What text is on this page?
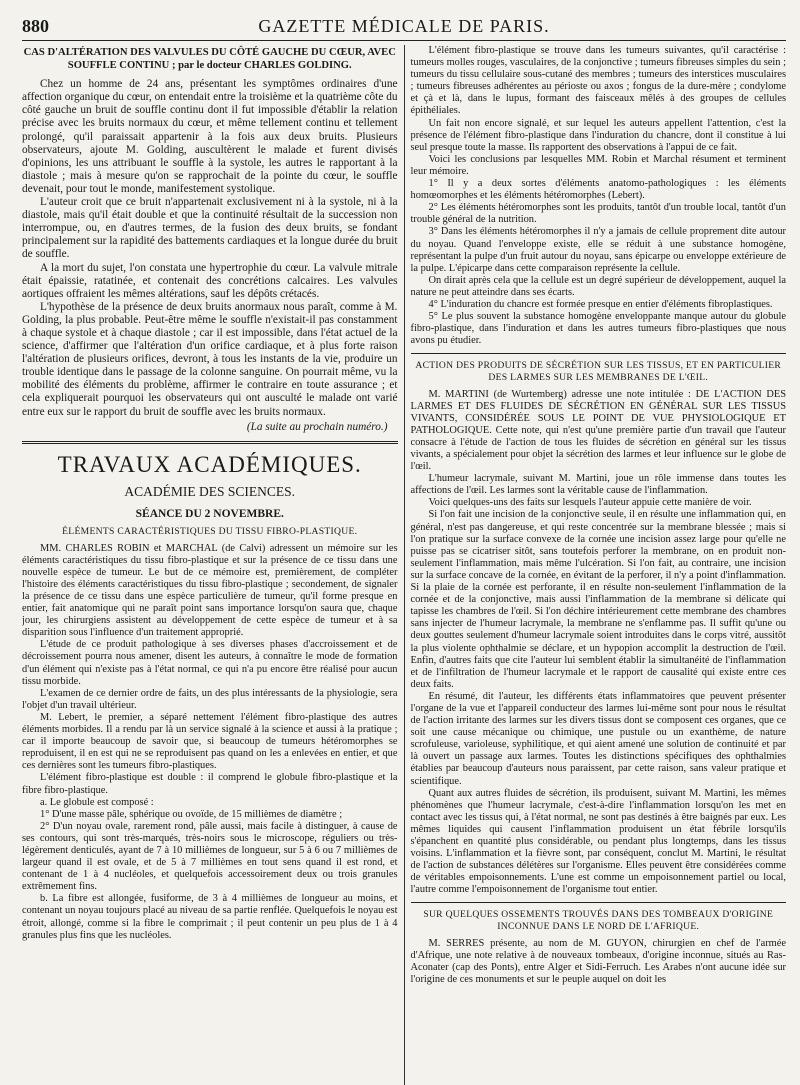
880	GAZETTE MÉDICALE DE PARIS.
CAS D'ALTÉRATION DES VALVULES DU CÔTÉ GAUCHE DU CŒUR, AVEC SOUFFLE CONTINU ; par le docteur CHARLES GOLDING.

Chez un homme de 24 ans, présentant les symptômes ordinaires d'une affection organique du cœur, on entendait entre la troisième et la quatrième côte du côté gauche un bruit de souffle continu dont il fut impossible d'établir la relation précise avec les bruits normaux du cœur, et même tellement continu et tellement prolongé, qu'il paraissait appartenir à la fois aux deux bruits. Plusieurs observateurs, ajoute M. Golding, auscultèrent le malade et furent divisés d'opinions, les uns attribuant le souffle à la systole, les autres le rapportant à la diastole ; mais à mesure qu'on se rapprochait de la pointe du cœur, le souffle devenait, pour tout le monde, manifestement systolique.

L'auteur croit que ce bruit n'appartenait exclusivement ni à la systole, ni à la diastole, mais qu'il était double et que la continuité résultait de la succession non interrompue, ou, en d'autres termes, de la fusion des deux bruits, se fondant principalement sur la rapidité des battements cardiaques et la longue durée du bruit de souffle.

A la mort du sujet, l'on constata une hypertrophie du cœur. La valvule mitrale était épaissie, ratatinée, et contenait des concrétions calcaires. Les valvules aortiques offraient les mêmes altérations, sauf les dépôts crétacés.

L'hypothèse de la présence de deux bruits anormaux nous paraît, comme à M. Golding, la plus probable. Peut-être même le souffle n'existait-il pas constamment à chaque systole et à chaque diastole ; car il est impossible, dans l'état actuel de la science, d'affirmer que l'altération d'un orifice cardiaque, et à plus forte raison l'altération de plusieurs orifices, devront, à tous les instants de la vie, produire un trouble identique dans le passage de la colonne sanguine. On pourrait même, vu la mobilité des éléments du problème, affirmer le contraire en toute assurance ; et cela expliquerait pourquoi les observateurs qui ont ausculté le malade ont varié entre eux sur le rapport du bruit de souffle avec les bruits normaux.

(La suite au prochain numéro.)
TRAVAUX ACADÉMIQUES.
ACADÉMIE DES SCIENCES.
SÉANCE DU 2 NOVEMBRE.
ÉLÉMENTS CARACTÉRISTIQUES DU TISSU FIBRO-PLASTIQUE.

MM. CHARLES ROBIN et MARCHAL (de Calvi) adressent un mémoire sur les éléments caractéristiques du tissu fibro-plastique et sur la présence de ce tissu dans une nouvelle espèce de tumeur. Le but de ce mémoire est, premièrement, de compléter l'histoire des éléments caractéristiques du tissu fibro-plastique ; secondement, de signaler la présence de ce tissu dans une espèce particulière de tumeur, qu'il forme presque en entier, fait anatomique qui ne paraît point sans importance lorsqu'on saura que, chaque jour, les chirurgiens assistent au développement de cette espèce de tumeur et à sa disparition sous l'influence d'un traitement approprié.

L'étude de ce produit pathologique à ses diverses phases d'accroissement et de décroissement pourra nous amener, disent les auteurs, à connaître le mode de formation d'un élément qui n'existe pas à l'état normal, ce qui n'a pu encore être réalisé pour aucun tissu morbide.

L'examen de ce dernier ordre de faits, un des plus intéressants de la physiologie, sera l'objet d'un travail ultérieur.

M. Lebert, le premier, a séparé nettement l'élément fibro-plastique des autres éléments morbides. Il a rendu par là un service signalé à la science et aussi à la pratique ; car il importe beaucoup de savoir que, si beaucoup de tumeurs hétéromorphes se reproduisent, il en est qui ne se reproduisent pas quand on les a enlevées en entier, et que ces dernières sont les tumeurs fibro-plastiques.

L'élément fibro-plastique est double : il comprend le globule fibro-plastique et la fibre fibro-plastique.

a. Le globule est composé :

1° D'une masse pâle, sphérique ou ovoïde, de 15 millièmes de diamètre ;

2° D'un noyau ovale, rarement rond, pâle aussi, mais facile à distinguer, à cause de ses contours, qui sont très-marqués, très-noirs sous le microscope, réguliers ou très-légèrement denticulés, ayant de 7 à 10 millièmes de longueur, sur 5 à 6 ou 7 millièmes de largeur quand il est ovale, et de 5 à 7 millièmes en tout sens quand il est rond, et contenant de 1 à 4 nucléoles, et quelquefois accessoirement deux ou trois granules extrêmement fins.

b. La fibre est allongée, fusiforme, de 3 à 4 millièmes de longueur au moins, et contenant un noyau toujours placé au niveau de sa partie renflée. Quelquefois le noyau est étroit, allongé, comme si la fibre le comprimait ; il peut contenir un peu plus de 1 à 4 granules plus fins que les nucléoles.

L'élément fibro-plastique se trouve dans les tumeurs suivantes, qu'il caractérise : tumeurs molles rouges, vasculaires, de la conjonctive ; tumeurs fibreuses simples du sein ; tumeurs du tissu cellulaire sous-cutané des membres ; tumeurs des interstices musculaires ; tumeurs fibreuses adhérentes au périoste ou axos ; fongus de la dure-mère ; condylome et çà et là, dans le lupus, formant des faisceaux mêlés à des groupes de cellules épithéliales.

Un fait non encore signalé, et sur lequel les auteurs appellent l'attention, c'est la présence de l'élément fibro-plastique dans l'induration du chancre, dont il constitue à lui seul presque toute la masse. Ils rapportent des observations à l'appui de ce fait.

Voici les conclusions par lesquelles MM. Robin et Marchal résument et terminent leur mémoire.

1° Il y a deux sortes d'éléments anatomo-pathologiques : les éléments homœomorphes et les éléments hétéromorphes (Lebert).

2° Les éléments hétéromorphes sont les produits, tantôt d'un trouble local, tantôt d'un trouble général de la nutrition.

3° Dans les éléments hétéromorphes il n'y a jamais de cellule proprement dite autour du noyau. Quand l'enveloppe existe, elle se réduit à une substance homogène, représentant la pulpe d'un fruit autour du noyau, sans épicarpe ou enveloppe extérieure de la pulpe. L'épicarpe dans cette comparaison représente la cellule.

On dirait après cela que la cellule est un degré supérieur de développement, auquel la nature ne peut atteindre dans ses écarts.

4° L'induration du chancre est formée presque en entier d'éléments fibroplastiques.

5° Le plus souvent la substance homogène enveloppante manque autour du globule fibro-plastique, dans l'induration et dans les autres tumeurs fibro-plastiques que nous avons pu étudier.

ACTION DES PRODUITS DE SÉCRÉTION SUR LES TISSUS, ET EN PARTICULIER DES LARMES SUR LES MEMBRANES DE L'ŒIL.

M. MARTINI (de Wurtemberg) adresse une note intitulée : DE L'ACTION DES LARMES ET DES FLUIDES DE SÉCRÉTION EN GÉNÉRAL SUR LES TISSUS VIVANTS, CONSIDÉRÉE SOUS LE POINT DE VUE PHYSIOLOGIQUE ET PATHOLOGIQUE. Cette note, qui n'est qu'une première partie d'un travail que l'auteur consacre à l'étude de l'action de tous les fluides de sécrétion en général sur les tissus vivants, a spécialement pour objet la sécrétion des larmes et leur influence sur le globe de l'œil.

L'humeur lacrymale, suivant M. Martini, joue un rôle immense dans toutes les affections de l'œil. Les larmes sont la véritable cause de l'inflammation.

Voici quelques-uns des faits sur lesquels l'auteur appuie cette manière de voir.

Si l'on fait une incision de la conjonctive seule, il en résulte une inflammation qui, en général, n'est pas dangereuse, et qui reste concentrée sur la membrane blessée ; mais si l'on pratique sur la surface convexe de la cornée une incision assez large pour qu'elle ne puisse pas se cicatriser sitôt, sans toutefois perforer la membrane, on en produit non-seulement l'inflammation, mais même l'ulcération. Si l'on fait, au contraire, une incision sur la surface concave de la cornée, en évitant de la perforer, il n'y a point d'inflammation. Si la plaie de la cornée est perforante, il en résulte non-seulement l'inflammation de la cornée et de la conjonctive, mais aussi l'inflammation de la membrane si délicate qui tapisse les chambres de l'œil. Si l'on déchire intérieurement cette membrane des chambres sans injecter de l'humeur lacrymale, la membrane ne s'enflamme pas. Il suffit qu'une ou deux gouttes seulement d'humeur lacrymale soient introduites dans le corps vitré, aussitôt la plus violente ophthalmie se déclare, et un hypopion accomplit la destruction de l'œil. Enfin, d'autres faits que cite l'auteur lui semblent établir la simultanéité de l'inflammation et de l'infiltration de l'humeur lacrymale et le rapport de causalité qui existe entre ces deux faits.

En résumé, dit l'auteur, les différents états inflammatoires que peuvent présenter l'organe de la vue et l'appareil conducteur des larmes lui-même sont pour nous le résultat de l'action irritante des larmes sur les divers tissus dont se composent ces organes, que ce soit une cause mécanique ou chimique, une pustule ou un exanthème, de nature scrofuleuse, varioleuse, syphilitique, et qui aient amené une solution de continuité et par là ouvert un passage aux larmes. Toutes les distinctions spécifiques des ophthalmies établies par beaucoup d'auteurs nous paraissent, par cette raison, sans valeur pratique et scientifique.

Quant aux autres fluides de sécrétion, ils produisent, suivant M. Martini, les mêmes phénomènes que l'humeur lacrymale, c'est-à-dire l'inflammation lorsqu'on les met en contact avec les tissus qui, à l'état normal, ne sont pas destinés à être baignés par eux. Les mêmes liquides qui causent l'inflammation produisent un état fébrile lorsqu'ils s'épanchent en quantité plus considérable, ou pendant plus longtemps, dans les tissus voisins. L'inflammation et la fièvre sont, par conséquent, conclut M. Martini, le résultat de l'action de substances délétères sur l'organisme. Elles peuvent être considérées comme de véritables empoisonnements. L'une est comme un empoisonnement partiel ou local, l'autre comme l'empoisonnement de l'organisme tout entier.

SUR QUELQUES OSSEMENTS TROUVÉS DANS DES TOMBEAUX D'ORIGINE INCONNUE DANS LE NORD DE L'AFRIQUE.

M. SERRES présente, au nom de M. GUYON, chirurgien en chef de l'armée d'Afrique, une note relative à de nouveaux tombeaux, d'origine inconnue, situés au Ras-Aconater (cap des Ponts), entre Alger et Sidi-Ferruch. Les Arabes n'ont aucune idée sur l'origine de ces monuments et sur le peuple auquel on doit les
